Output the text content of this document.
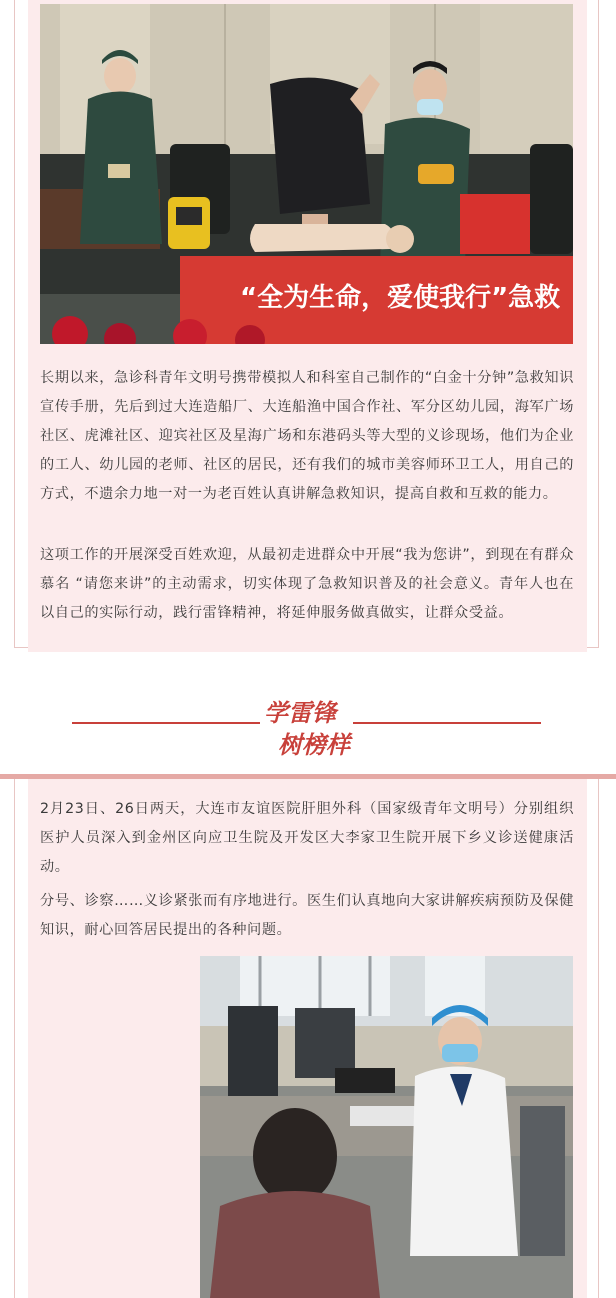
“全为生命，爱使我行”急救

长期以来，急诊科青年文明号携带模拟人和科室自己制作的“白金十分钟”急救知识宣传手册，先后到过大连造船厂、大连船渔中国合作社、军分区幼儿园，海军广场社区、虎滩社区、迎宾社区及星海广场和东港码头等大型的义诊现场，他们为企业的工人、幼儿园的老师、社区的居民，还有我们的城市美容师环卫工人，用自己的方式，不遗余力地一对一为老百姓认真讲解急救知识，提高自救和互救的能力。

这项工作的开展深受百姓欢迎，从最初走进群众中开展“我为您讲”，到现在有群众慕名 “请您来讲”的主动需求，切实体现了急救知识普及的社会意义。青年人也在以自己的实际行动，践行雷锋精神，将延伸服务做真做实，让群众受益。

学雷锋
树榜样

2月23日、26日两天，大连市友谊医院肝胆外科（国家级青年文明号）分别组织医护人员深入到金州区向应卫生院及开发区大李家卫生院开展下乡义诊送健康活动。

分号、诊察……义诊紧张而有序地进行。医生们认真地向大家讲解疾病预防及保健知识，耐心回答居民提出的各种问题。
